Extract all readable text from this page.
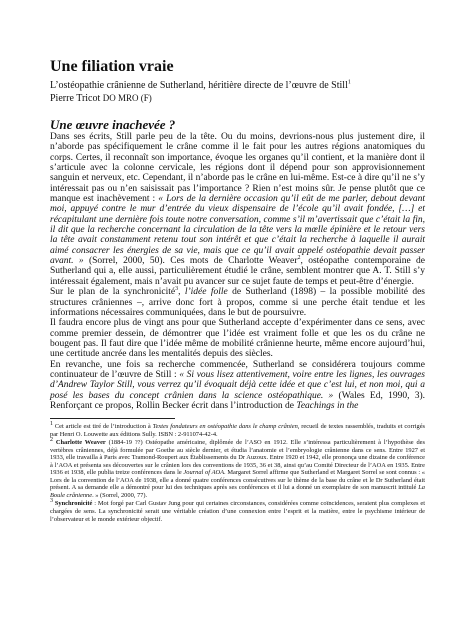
Une filiation vraie
L’ostéopathie crânienne de Sutherland, héritière directe de l’œuvre de Still$^1$
Pierre Tricot DO MRO (F)
Une œuvre inachevée ?

Dans ses écrits, Still parle peu de la tête. Ou du moins, devrions-nous plus justement dire, il n’aborde pas spécifiquement le crâne comme il le fait pour les autres régions anatomiques du corps. Certes, il reconnaît son importance, évoque les organes qu’il contient, et la manière dont il s’articule avec la colonne cervicale, les régions dont il dépend pour son approvisionnement sanguin et nerveux, etc. Cependant, il n’aborde pas le crâne en lui-même. Est-ce à dire qu’il ne s’y intéressait pas ou n’en saisissait pas l’importance ? Rien n’est moins sûr. Je pense plutôt que ce manque est inachèvement : « Lors de la dernière occasion qu’il eût de me parler, debout devant moi, appuyé contre le mur d’entrée du vieux dispensaire de l’école qu’il avait fondée, […] et récapitulant une dernière fois toute notre conversation, comme s’il m’avertissait que c’était la fin, il dit que la recherche concernant la circulation de la tête vers la mœlle épinière et le retour vers la tête avait constamment retenu tout son intérêt et que c’était la recherche à laquelle il aurait aimé consacrer les énergies de sa vie, mais que ce qu’il avait appelé ostéopathie devait passer avant. » (Sorrel, 2000, 50). Ces mots de Charlotte Weaver$^2$, ostéopathe contemporaine de Sutherland qui a, elle aussi, particulièrement étudié le crâne, semblent montrer que A. T. Still s’y intéressait également, mais n’avait pu avancer sur ce sujet faute de temps et peut-être d’énergie.

Sur le plan de la synchronicité$^3$, l’idée folle de Sutherland (1898) – la possible mobilité des structures crâniennes –, arrive donc fort à propos, comme si une perche était tendue et les informations nécessaires communiquées, dans le but de poursuivre.

Il faudra encore plus de vingt ans pour que Sutherland accepte d’expérimenter dans ce sens, avec comme premier dessein, de démontrer que l’idée est vraiment folle et que les os du crâne ne bougent pas. Il faut dire que l’idée même de mobilité crânienne heurte, même encore aujourd’hui, une certitude ancrée dans les mentalités depuis des siècles.

En revanche, une fois sa recherche commencée, Sutherland se considérera toujours comme continuateur de l’œuvre de Still : « Si vous lisez attentivement, voire entre les lignes, les ouvrages d’Andrew Taylor Still, vous verrez qu’il évoquait déjà cette idée et que c’est lui, et non moi, qui a posé les bases du concept crânien dans la science ostéopathique. » (Wales Ed, 1990, 3). Renforçant ce propos, Rollin Becker écrit dans l’introduction de Teachings in the

$^1$ Cet article est tiré de l’introduction à Textes fondateurs en ostéopathie dans le champ crânien, recueil de textes rassemblés, traduits et corrigés par Henri O. Louwette aux éditions Sully. ISBN : 2-911074-42-4.

$^2$ Charlotte Weaver (1884-19 ??) Ostéopathe américaine, diplômée de l’ASO en 1912. Elle s’intéressa particulièrement à l’hypothèse des vertèbres crâniennes, déjà formulée par Goethe au siècle dernier, et étudia l’anatomie et l’embryologie crânienne dans ce sens. Entre 1927 et 1933, elle travailla à Paris avec Tramond-Roupert aux Établissements du Dr Auzoux. Entre 1920 et 1942, elle prononça une dizaine de conférence à l’AOA et présenta ses découvertes sur le crânien lors des conventions de 1935, 36 et 38, ainsi qu’au Comité Directeur de l’AOA en 1935. Entre 1936 et 1938, elle publia treize conférences dans le Journal of AOA. Margaret Sorrel affirme que Sutherland et Margaret Sorrel se sont connus : « Lors de la convention de l’AOA de 1938, elle a donné quatre conférences consécutives sur le thème de la base du crâne et le Dr Sutherland était présent. A sa demande elle a démontré pour lui des techniques après ses conférences et il lui a donné un exemplaire de son manuscrit intitulé La Boule crânienne. » (Sorrel, 2000, 77).

$^3$ Synchronicité : Mot forgé par Carl Gustav Jung pour qui certaines circonstances, considérées comme coïncidences, seraient plus complexes et chargées de sens. La synchronicité serait une véritable création d’une connexion entre l’esprit et la matière, entre le psychisme intérieur de l’observateur et le monde extérieur objectif.
